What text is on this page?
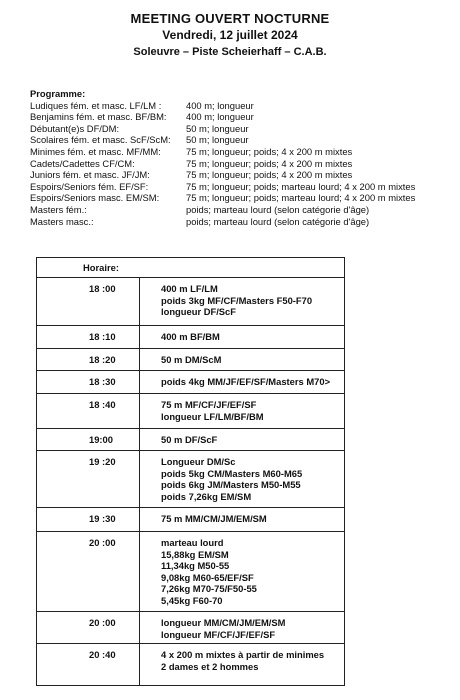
MEETING OUVERT NOCTURNE
Vendredi, 12 juillet 2024
Soleuvre – Piste Scheierhaff – C.A.B.
Programme:
Ludiques fém. et masc. LF/LM :	400 m; longueur
Benjamins fém. et masc. BF/BM: 400 m; longueur
Débutant(e)s DF/DM:	50 m; longueur
Scolaires fém. et masc. ScF/ScM: 50 m; longueur
Minimes fém. et masc. MF/MM:	75 m; longueur; poids; 4 x 200 m mixtes
Cadets/Cadettes CF/CM:	75 m; longueur; poids; 4 x 200 m mixtes
Juniors fém. et masc. JF/JM:	75 m; longueur; poids; 4 x 200 m mixtes
Espoirs/Seniors fém. EF/SF:	75 m; longueur; poids; marteau lourd; 4 x 200 m mixtes
Espoirs/Seniors masc. EM/SM:	75 m; longueur; poids; marteau lourd; 4 x 200 m mixtes
Masters fém.:	poids; marteau lourd (selon catégorie d'âge)
Masters masc.:	poids; marteau lourd (selon catégorie d'âge)
Horaire:
18 :00	400 m LF/LM
poids 3kg MF/CF/Masters F50-F70
longueur DF/ScF
18 :10	400 m BF/BM
18 :20	50 m DM/ScM
18 :30	poids 4kg MM/JF/EF/SF/Masters M70>
18 :40	75 m MF/CF/JF/EF/SF
longueur LF/LM/BF/BM
19:00	50 m DF/ScF
19 :20	Longueur DM/Sc
poids 5kg CM/Masters M60-M65
poids 6kg JM/Masters M50-M55
poids 7,26kg EM/SM
19 :30	75 m MM/CM/JM/EM/SM
20 :00	marteau lourd
15,88kg EM/SM
11,34kg M50-55
9,08kg M60-65/EF/SF
7,26kg M70-75/F50-55
5,45kg F60-70
20 :00	longueur MM/CM/JM/EM/SM
longueur MF/CF/JF/EF/SF
20 :40	4 x 200 m mixtes à partir de minimes
2 dames et 2 hommes
